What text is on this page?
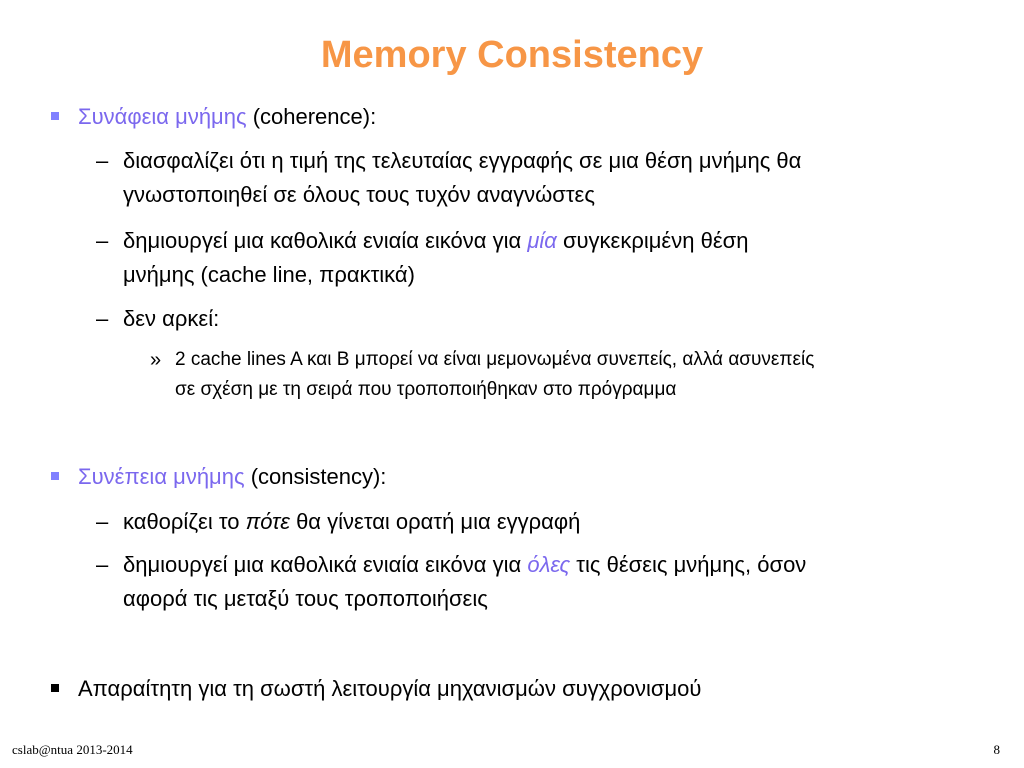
Memory Consistency
Συνάφεια μνήμης (coherence):
– διασφαλίζει ότι η τιμή της τελευταίας εγγραφής σε μια θέση μνήμης θα
γνωστοποιηθεί σε όλους τους τυχόν αναγνώστες
– δημιουργεί μια καθολικά ενιαία εικόνα για μία συγκεκριμένη θέση
μνήμης (cache line, πρακτικά)
– δεν αρκεί:
» 2 cache lines A και B μπορεί να είναι μεμονωμένα συνεπείς, αλλά ασυνεπείς
σε σχέση με τη σειρά που τροποποιήθηκαν στο πρόγραμμα
Συνέπεια μνήμης (consistency):
– καθορίζει το πότε θα γίνεται ορατή μια εγγραφή
– δημιουργεί μια καθολικά ενιαία εικόνα για όλες τις θέσεις μνήμης, όσον
αφορά τις μεταξύ τους τροποποιήσεις
Απαραίτητη για τη σωστή λειτουργία μηχανισμών συγχρονισμού
cslab@ntua 2013-2014	8
